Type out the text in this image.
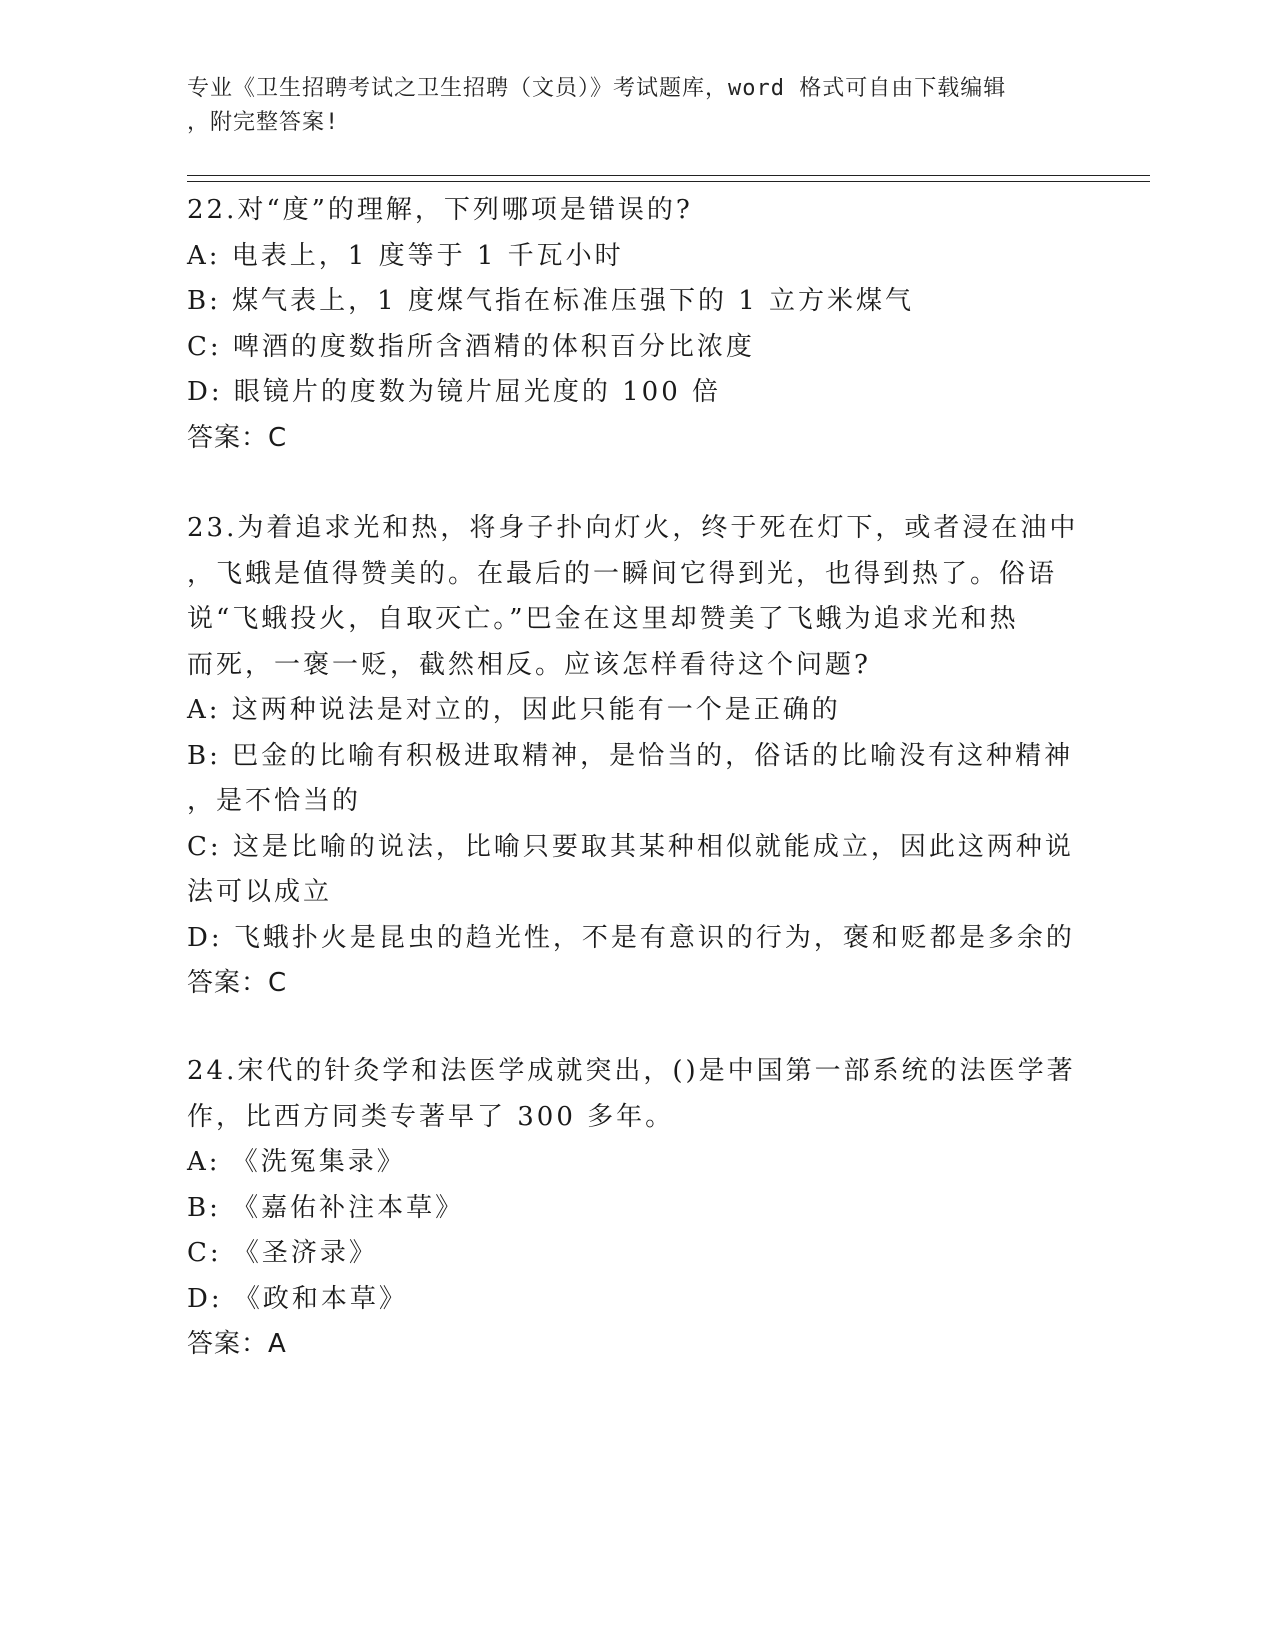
专业《卫生招聘考试之卫生招聘（文员）》考试题库，word 格式可自由下载编辑
，附完整答案!
22.对“度”的理解，下列哪项是错误的?
A: 电表上，1 度等于 1 千瓦小时
B: 煤气表上，1 度煤气指在标准压强下的 1 立方米煤气
C: 啤酒的度数指所含酒精的体积百分比浓度
D: 眼镜片的度数为镜片屈光度的 100 倍
答案：C
23.为着追求光和热，将身子扑向灯火，终于死在灯下，或者浸在油中
，飞蛾是值得赞美的。在最后的一瞬间它得到光，也得到热了。俗语
说“飞蛾投火，自取灭亡。”巴金在这里却赞美了飞蛾为追求光和热
而死，一褒一贬，截然相反。应该怎样看待这个问题?
A: 这两种说法是对立的，因此只能有一个是正确的
B: 巴金的比喻有积极进取精神，是恰当的，俗话的比喻没有这种精神
，是不恰当的
C: 这是比喻的说法，比喻只要取其某种相似就能成立，因此这两种说
法可以成立
D: 飞蛾扑火是昆虫的趋光性，不是有意识的行为，褒和贬都是多余的
答案：C
24.宋代的针灸学和法医学成就突出，()是中国第一部系统的法医学著
作，比西方同类专著早了 300 多年。
A: 《洗冤集录》
B: 《嘉佑补注本草》
C: 《圣济录》
D: 《政和本草》
答案：A
